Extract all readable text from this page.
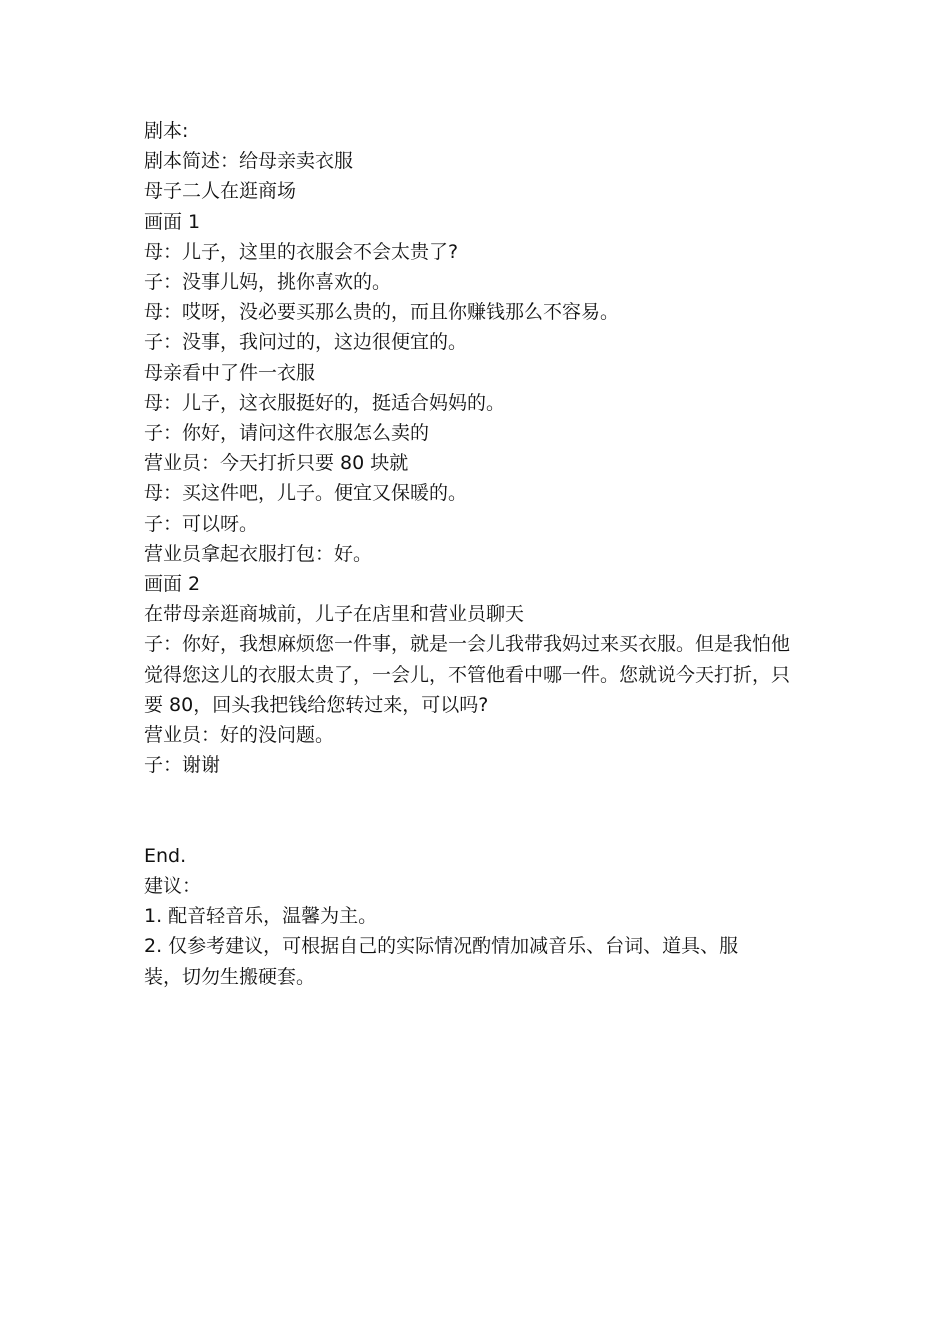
剧本:

剧本简述：给母亲卖衣服

母子二人在逛商场

画面 1

母：儿子，这里的衣服会不会太贵了?

子：没事儿妈，挑你喜欢的。

母：哎呀，没必要买那么贵的，而且你赚钱那么不容易。

子：没事，我问过的，这边很便宜的。

母亲看中了件一衣服

母：儿子，这衣服挺好的，挺适合妈妈的。

子：你好，请问这件衣服怎么卖的

营业员：今天打折只要 80 块就

母：买这件吧，儿子。便宜又保暖的。

子：可以呀。

营业员拿起衣服打包：好。

画面 2

在带母亲逛商城前，儿子在店里和营业员聊天

子：你好，我想麻烦您一件事，就是一会儿我带我妈过来买衣服。但是我怕他觉得您这儿的衣服太贵了，一会儿，不管他看中哪一件。您就说今天打折，只要 80，回头我把钱给您转过来，可以吗?

营业员：好的没问题。

子：谢谢

End.

建议：

1. 配音轻音乐，温馨为主。

2. 仅参考建议，可根据自己的实际情况酌情加减音乐、台词、道具、服装，切勿生搬硬套。
